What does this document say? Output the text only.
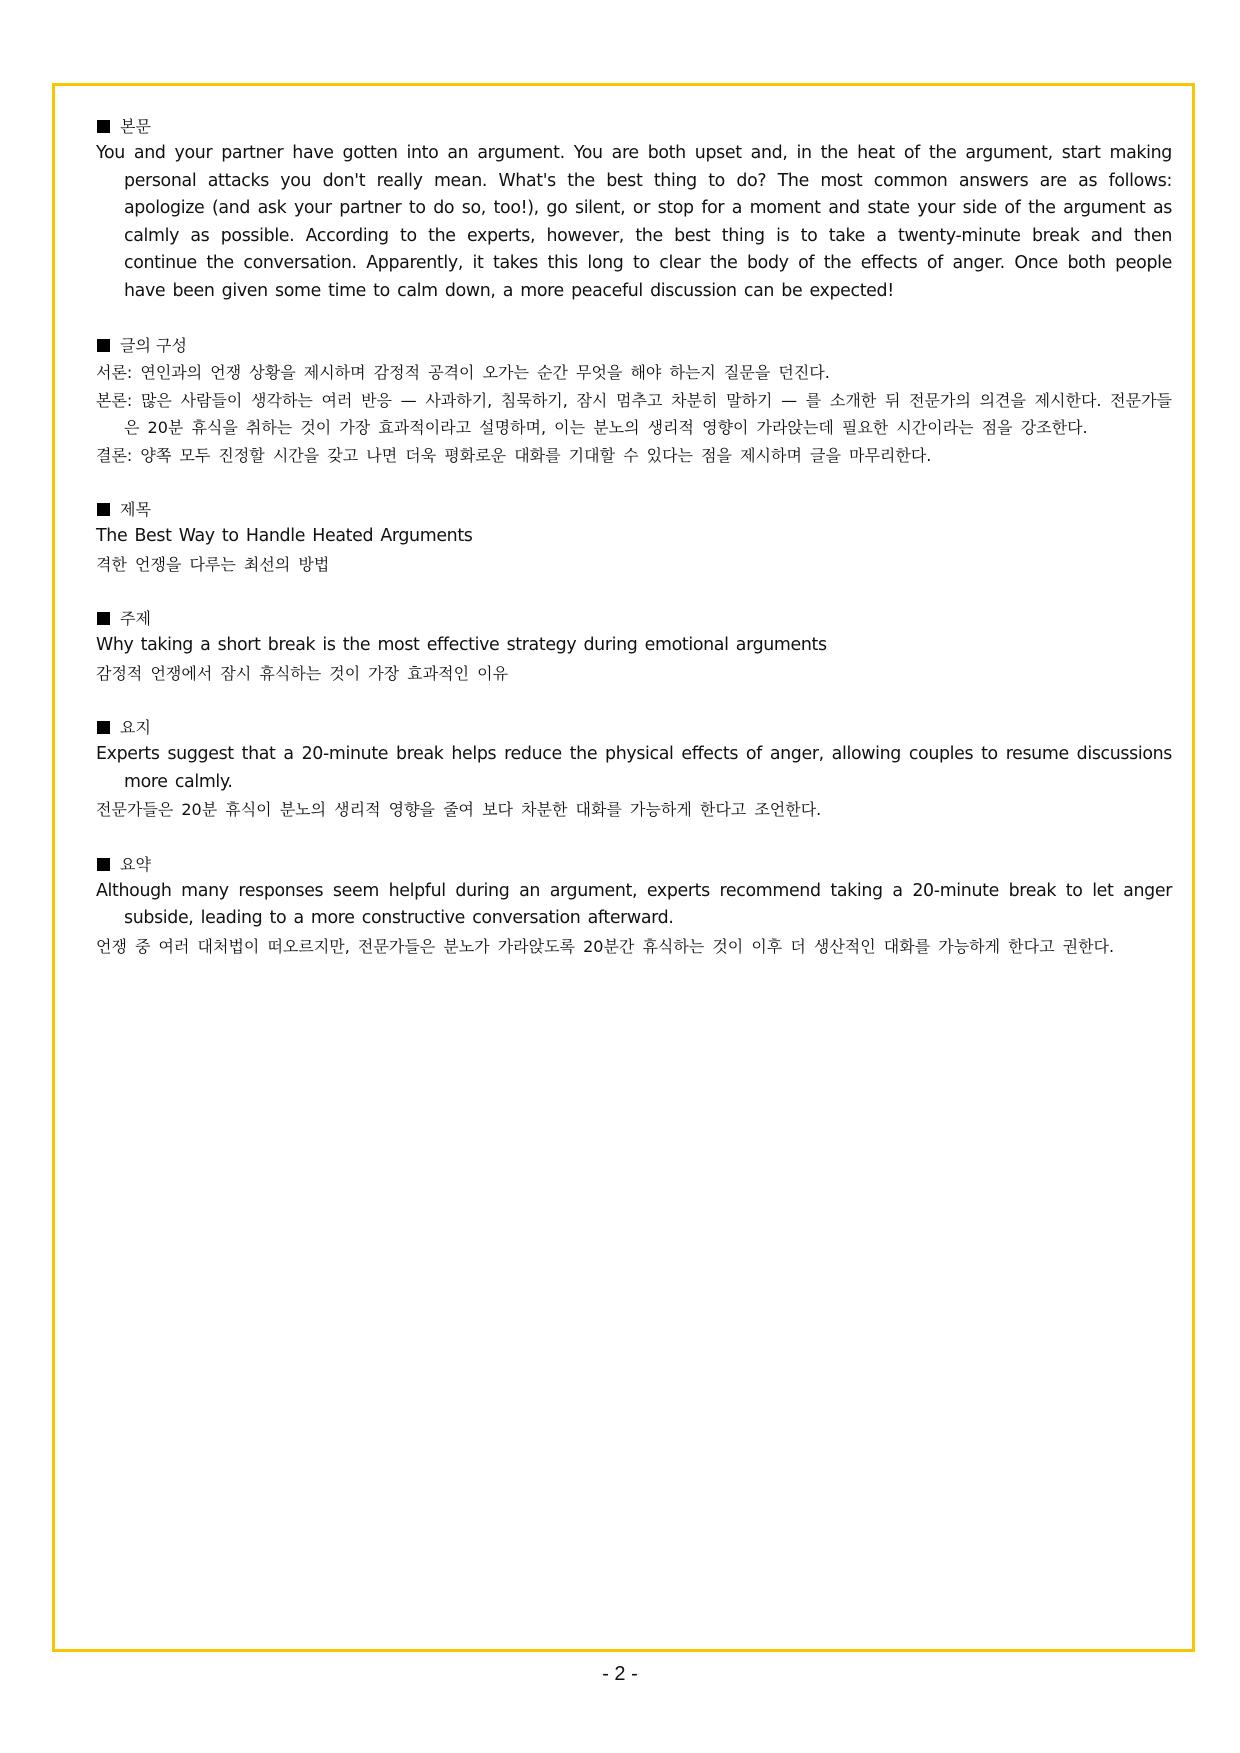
본문
You and your partner have gotten into an argument. You are both upset and, in the heat of the argument, start making personal attacks you don't really mean. What's the best thing to do? The most common answers are as follows: apologize (and ask your partner to do so, too!), go silent, or stop for a moment and state your side of the argument as calmly as possible. According to the experts, however, the best thing is to take a twenty-minute break and then continue the conversation. Apparently, it takes this long to clear the body of the effects of anger. Once both people have been given some time to calm down, a more peaceful discussion can be expected!
글의 구성
서론: 연인과의 언쟁 상황을 제시하며 감정적 공격이 오가는 순간 무엇을 해야 하는지 질문을 던진다.
본론: 많은 사람들이 생각하는 여러 반응 — 사과하기, 침묵하기, 잠시 멈추고 차분히 말하기 — 를 소개한 뒤 전문가의 의견을 제시한다. 전문가들은 20분 휴식을 취하는 것이 가장 효과적이라고 설명하며, 이는 분노의 생리적 영향이 가라앉는데 필요한 시간이라는 점을 강조한다.
결론: 양쪽 모두 진정할 시간을 갖고 나면 더욱 평화로운 대화를 기대할 수 있다는 점을 제시하며 글을 마무리한다.
제목
The Best Way to Handle Heated Arguments
격한 언쟁을 다루는 최선의 방법
주제
Why taking a short break is the most effective strategy during emotional arguments
감정적 언쟁에서 잠시 휴식하는 것이 가장 효과적인 이유
요지
Experts suggest that a 20-minute break helps reduce the physical effects of anger, allowing couples to resume discussions more calmly.
전문가들은 20분 휴식이 분노의 생리적 영향을 줄여 보다 차분한 대화를 가능하게 한다고 조언한다.
요약
Although many responses seem helpful during an argument, experts recommend taking a 20-minute break to let anger subside, leading to a more constructive conversation afterward.
언쟁 중 여러 대처법이 떠오르지만, 전문가들은 분노가 가라앉도록 20분간 휴식하는 것이 이후 더 생산적인 대화를 가능하게 한다고 권한다.
- 2 -
